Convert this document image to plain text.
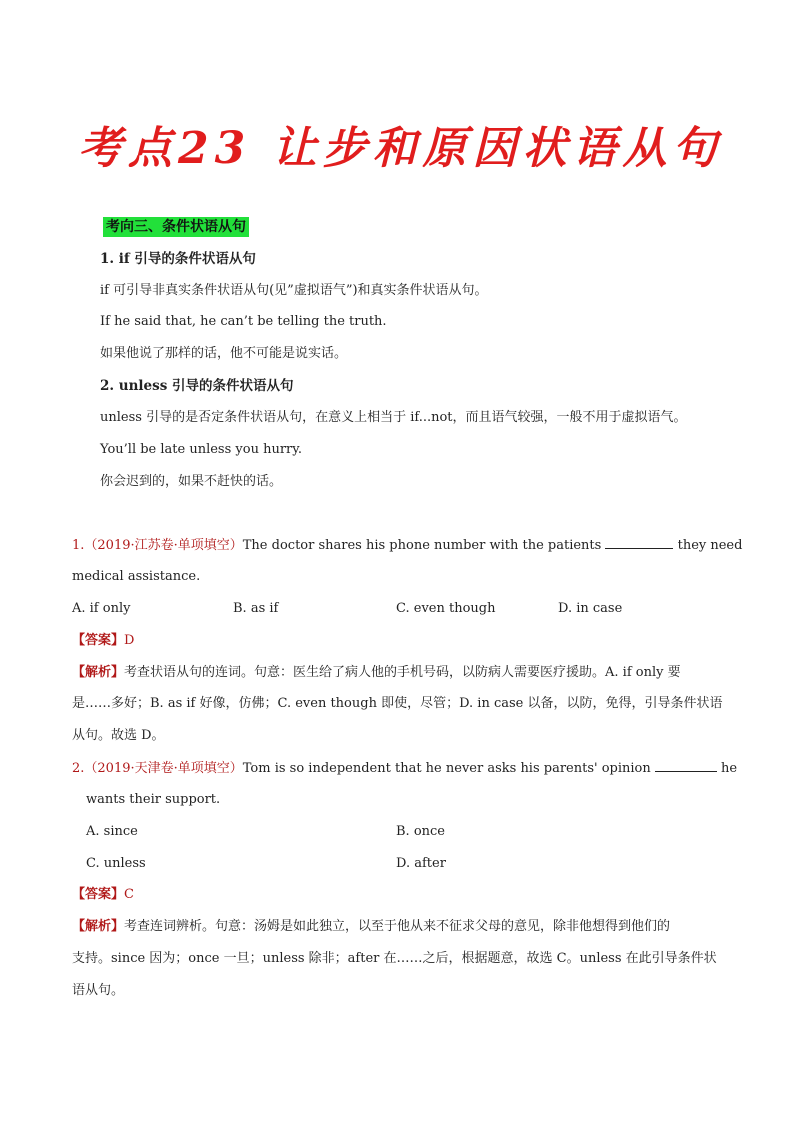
考点23 让步和原因状语从句
考向三、条件状语从句
1. if 引导的条件状语从句
if 可引导非真实条件状语从句(见”虚拟语气”)和真实条件状语从句。
If he said that, he can’t be telling the truth.
如果他说了那样的话，他不可能是说实话。
2. unless 引导的条件状语从句
unless 引导的是否定条件状语从句，在意义上相当于 if...not，而且语气较强，一般不用于虚拟语气。
You’ll be late unless you hurry.
你会迟到的，如果不赶快的话。
1.（2019·江苏卷·单项填空）The doctor shares his phone number with the patients	they need
medical assistance.
A. if only	B. as if	C. even though	D. in case
【答案】D
【解析】考查状语从句的连词。句意：医生给了病人他的手机号码，以防病人需要医疗援助。A. if only 要
是……多好；B. as if 好像，仿佛；C. even though 即使，尽管；D. in case 以备，以防，免得，引导条件状语
从句。故选 D。
2.（2019·天津卷·单项填空）Tom is so independent that he never asks his parents' opinion	he
wants their support.
A. since	B. once
C. unless	D. after
【答案】C
【解析】考查连词辨析。句意：汤姆是如此独立，以至于他从来不征求父母的意见，除非他想得到他们的
支持。since 因为；once 一旦；unless 除非；after 在……之后，根据题意，故选 C。unless 在此引导条件状
语从句。
